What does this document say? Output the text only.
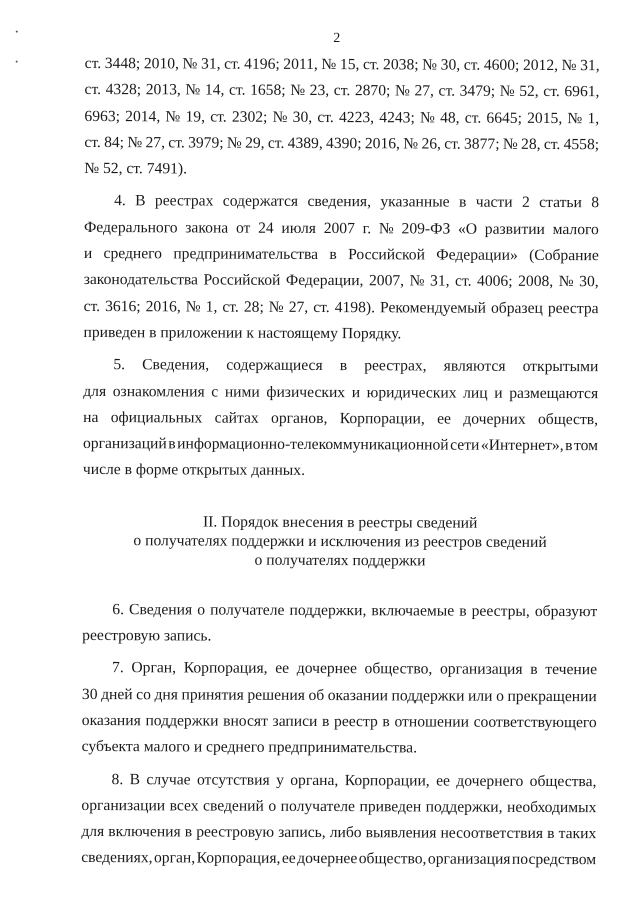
2
ст. 3448; 2010, № 31, ст. 4196; 2011, № 15, ст. 2038; № 30, ст. 4600; 2012, № 31,
ст. 4328; 2013, № 14, ст. 1658; № 23, ст. 2870; № 27, ст. 3479; № 52, ст. 6961,
6963; 2014, № 19, ст. 2302; № 30, ст. 4223, 4243; № 48, ст. 6645; 2015, № 1,
ст. 84; № 27, ст. 3979; № 29, ст. 4389, 4390; 2016, № 26, ст. 3877; № 28, ст. 4558;
№ 52, ст. 7491).
4. В реестрах содержатся сведения, указанные в части 2 статьи 8
Федерального закона от 24 июля 2007 г. № 209-ФЗ «О развитии малого
и среднего предпринимательства в Российской Федерации» (Собрание
законодательства Российской Федерации, 2007, № 31, ст. 4006; 2008, № 30,
ст. 3616; 2016, № 1, ст. 28; № 27, ст. 4198). Рекомендуемый образец реестра
приведен в приложении к настоящему Порядку.
5. Сведения, содержащиеся в реестрах, являются открытыми
для ознакомления с ними физических и юридических лиц и размещаются
на официальных сайтах органов, Корпорации, ее дочерних обществ,
организаций в информационно-телекоммуникационной сети «Интернет», в том
числе в форме открытых данных.
II. Порядок внесения в реестры сведений
о получателях поддержки и исключения из реестров сведений
о получателях поддержки
6. Сведения о получателе поддержки, включаемые в реестры, образуют
реестровую запись.
7. Орган, Корпорация, ее дочернее общество, организация в течение
30 дней со дня принятия решения об оказании поддержки или о прекращении
оказания поддержки вносят записи в реестр в отношении соответствующего
субъекта малого и среднего предпринимательства.
8. В случае отсутствия у органа, Корпорации, ее дочернего общества,
организации всех сведений о получателе приведен поддержки, необходимых
для включения в реестровую запись, либо выявления несоответствия в таких
сведениях, орган, Корпорация, ее дочернее общество, организация посредством
